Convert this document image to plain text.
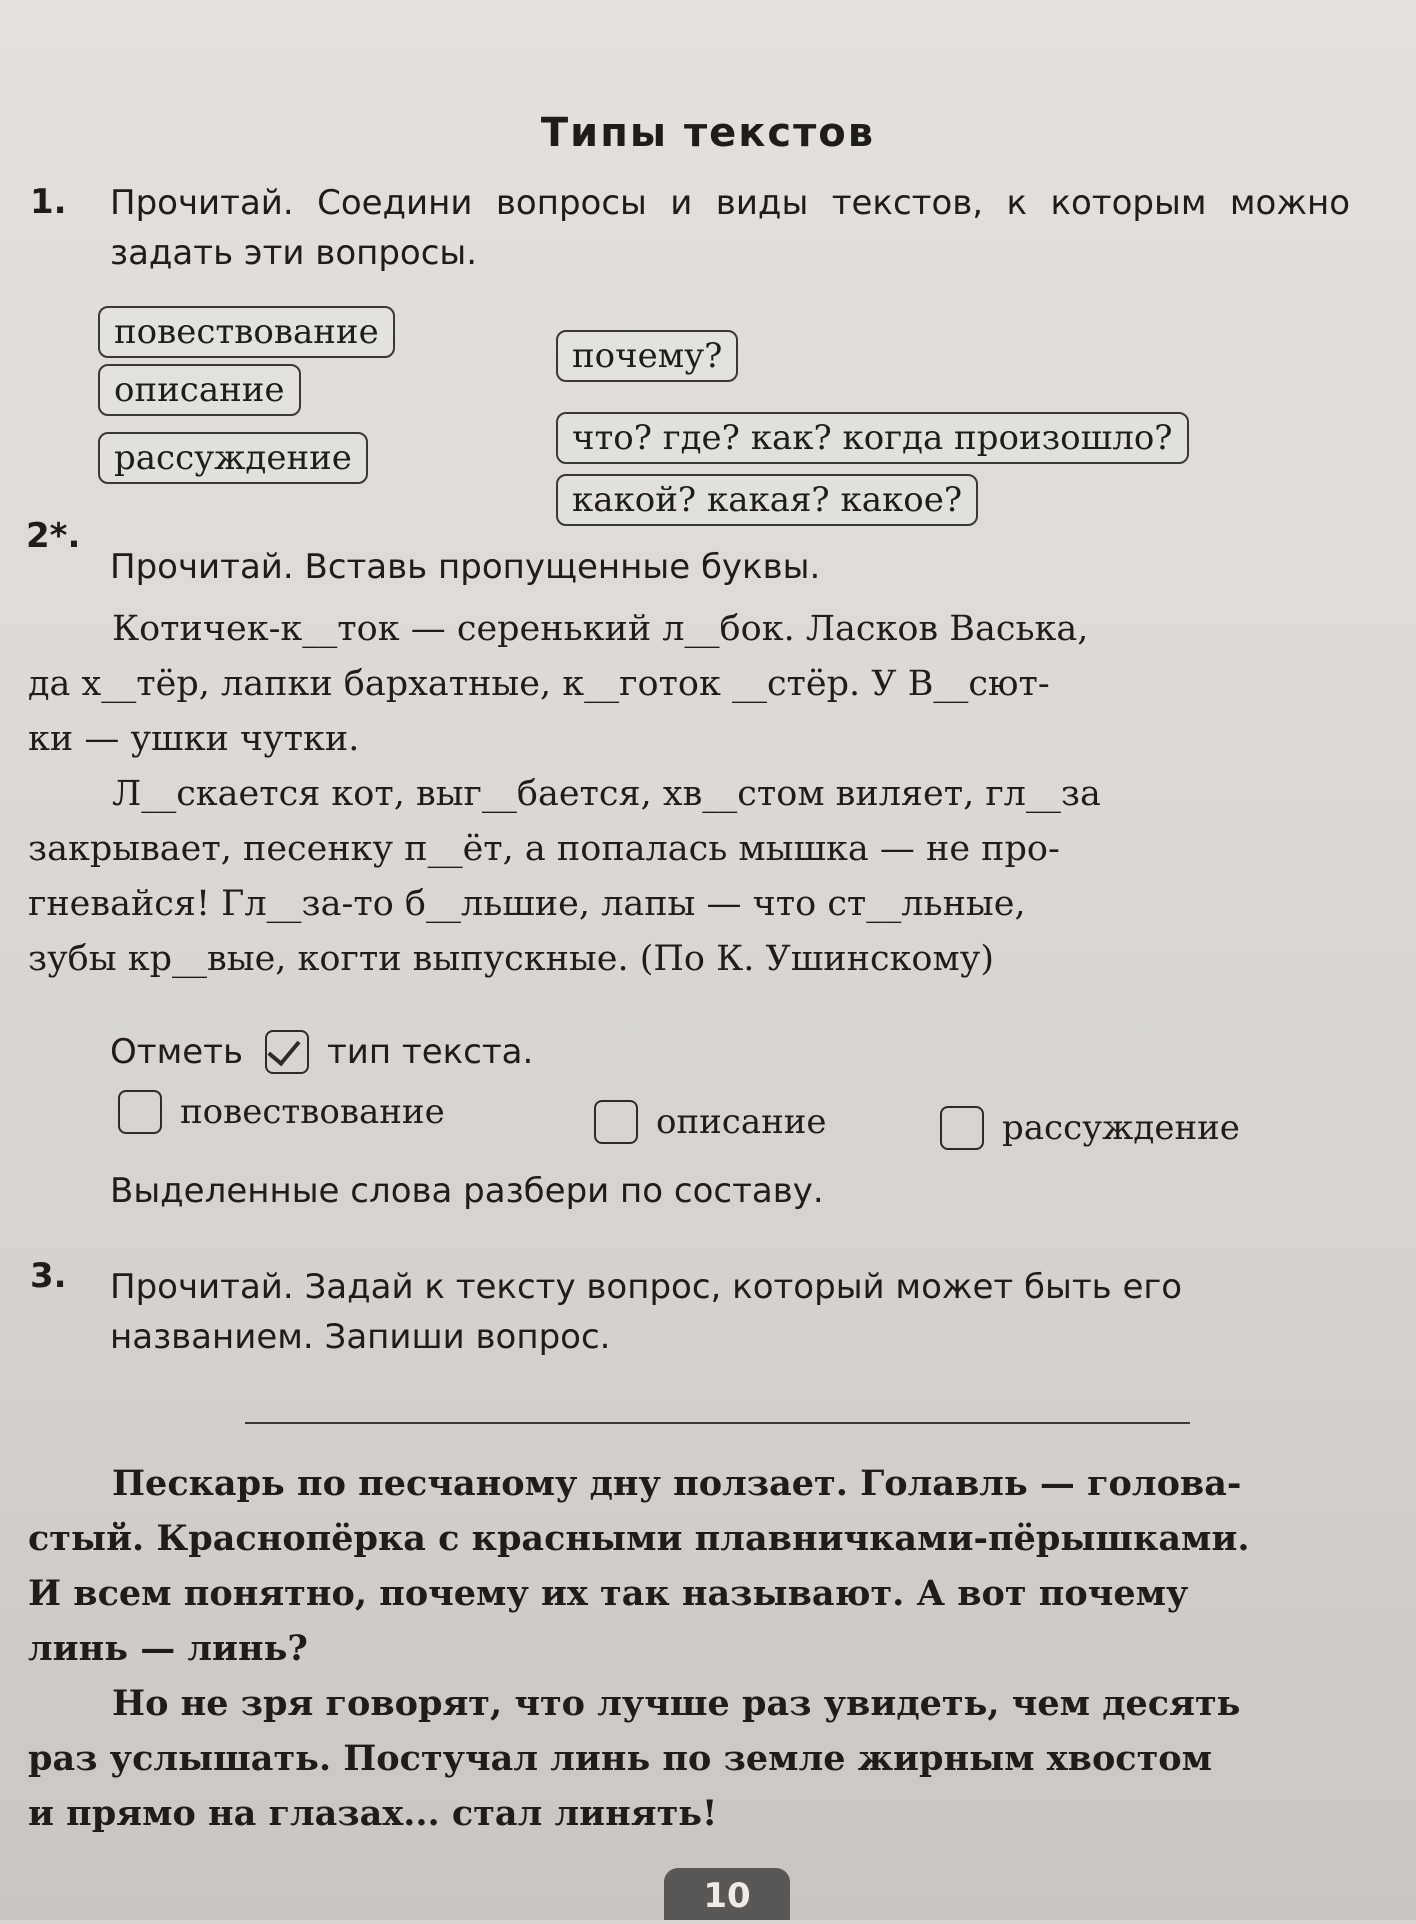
Типы текстов
1. Прочитай. Соедини вопросы и виды текстов, к которым можно задать эти вопросы.
повествование
описание
рассуждение
почему?
что? где? как? когда произошло?
какой? какая? какое?
2*.
Прочитай. Вставь пропущенные буквы.

Котичек-к__ток — сеpенький л__бок. Ласков Васька,

да х__тёр, лапки бархатные, к__готок __стёр. У В__сют-
ки — ушки чутки.

Л__скается кот, выг__бается, хв__стом виляет, гл__за

закрывает, песенку п__ёт, а попалась мышка — не про-
гневайся! Гл__за-то б__льшие, лапы — что ст__льные,
зубы кр__вые, когти выпускные. (По К. Ушинскому)
Отметь тип текста.
повествование	описание	рассуждение
Выделенные слова разбери по составу.
3. Прочитай. Задай к тексту вопрос, который может быть его
названием. Запиши вопрос.

Пескарь по песчаному дну ползает. Голавль — голова-

стый. Краснопёрка с красными плавничками-пёрышками.
И всем понятно, почему их так называют. А вот почему
линь — линь?

Но не зря говорят, что лучше раз увидеть, чем десять

раз услышать. Постучал линь по земле жирным хвостом
и прямо на глазах... стал линять!
10
